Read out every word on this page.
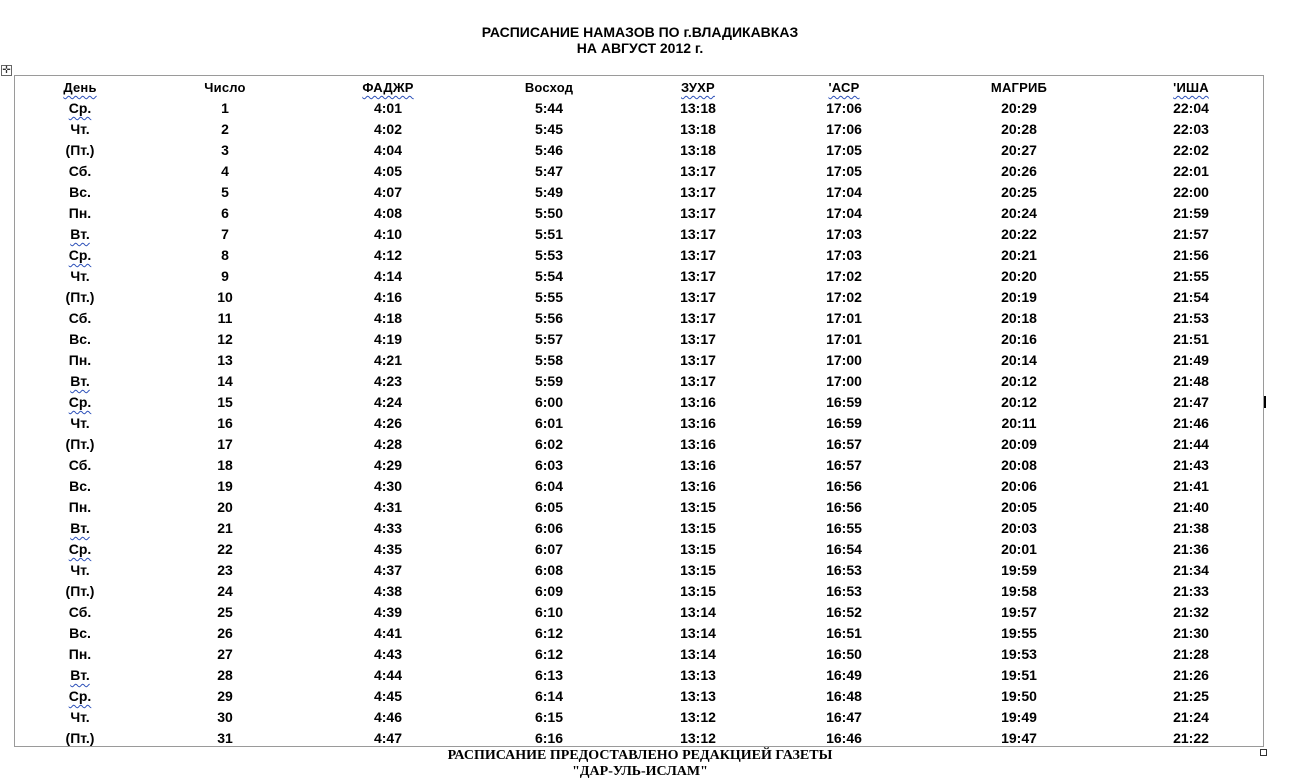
РАСПИСАНИЕ НАМАЗОВ ПО г.ВЛАДИКАВКАЗ
НА АВГУСТ 2012 г.
✛
День	Число	ФАДЖР	Восход	ЗУХР	'АСР	МАГРИБ	'ИША
Ср.	1	4:01	5:44	13:18	17:06	20:29	22:04
Чт.	2	4:02	5:45	13:18	17:06	20:28	22:03
(Пт.)	3	4:04	5:46	13:18	17:05	20:27	22:02
Сб.	4	4:05	5:47	13:17	17:05	20:26	22:01
Вс.	5	4:07	5:49	13:17	17:04	20:25	22:00
Пн.	6	4:08	5:50	13:17	17:04	20:24	21:59
Вт.	7	4:10	5:51	13:17	17:03	20:22	21:57
Ср.	8	4:12	5:53	13:17	17:03	20:21	21:56
Чт.	9	4:14	5:54	13:17	17:02	20:20	21:55
(Пт.)	10	4:16	5:55	13:17	17:02	20:19	21:54
Сб.	11	4:18	5:56	13:17	17:01	20:18	21:53
Вс.	12	4:19	5:57	13:17	17:01	20:16	21:51
Пн.	13	4:21	5:58	13:17	17:00	20:14	21:49
Вт.	14	4:23	5:59	13:17	17:00	20:12	21:48
Ср.	15	4:24	6:00	13:16	16:59	20:12	21:47
Чт.	16	4:26	6:01	13:16	16:59	20:11	21:46
(Пт.)	17	4:28	6:02	13:16	16:57	20:09	21:44
Сб.	18	4:29	6:03	13:16	16:57	20:08	21:43
Вс.	19	4:30	6:04	13:16	16:56	20:06	21:41
Пн.	20	4:31	6:05	13:15	16:56	20:05	21:40
Вт.	21	4:33	6:06	13:15	16:55	20:03	21:38
Ср.	22	4:35	6:07	13:15	16:54	20:01	21:36
Чт.	23	4:37	6:08	13:15	16:53	19:59	21:34
(Пт.)	24	4:38	6:09	13:15	16:53	19:58	21:33
Сб.	25	4:39	6:10	13:14	16:52	19:57	21:32
Вс.	26	4:41	6:12	13:14	16:51	19:55	21:30
Пн.	27	4:43	6:12	13:14	16:50	19:53	21:28
Вт.	28	4:44	6:13	13:13	16:49	19:51	21:26
Ср.	29	4:45	6:14	13:13	16:48	19:50	21:25
Чт.	30	4:46	6:15	13:12	16:47	19:49	21:24
(Пт.)	31	4:47	6:16	13:12	16:46	19:47	21:22
РАСПИСАНИЕ ПРЕДОСТАВЛЕНО РЕДАКЦИЕЙ ГАЗЕТЫ
"ДАР-УЛЬ-ИСЛАМ"
